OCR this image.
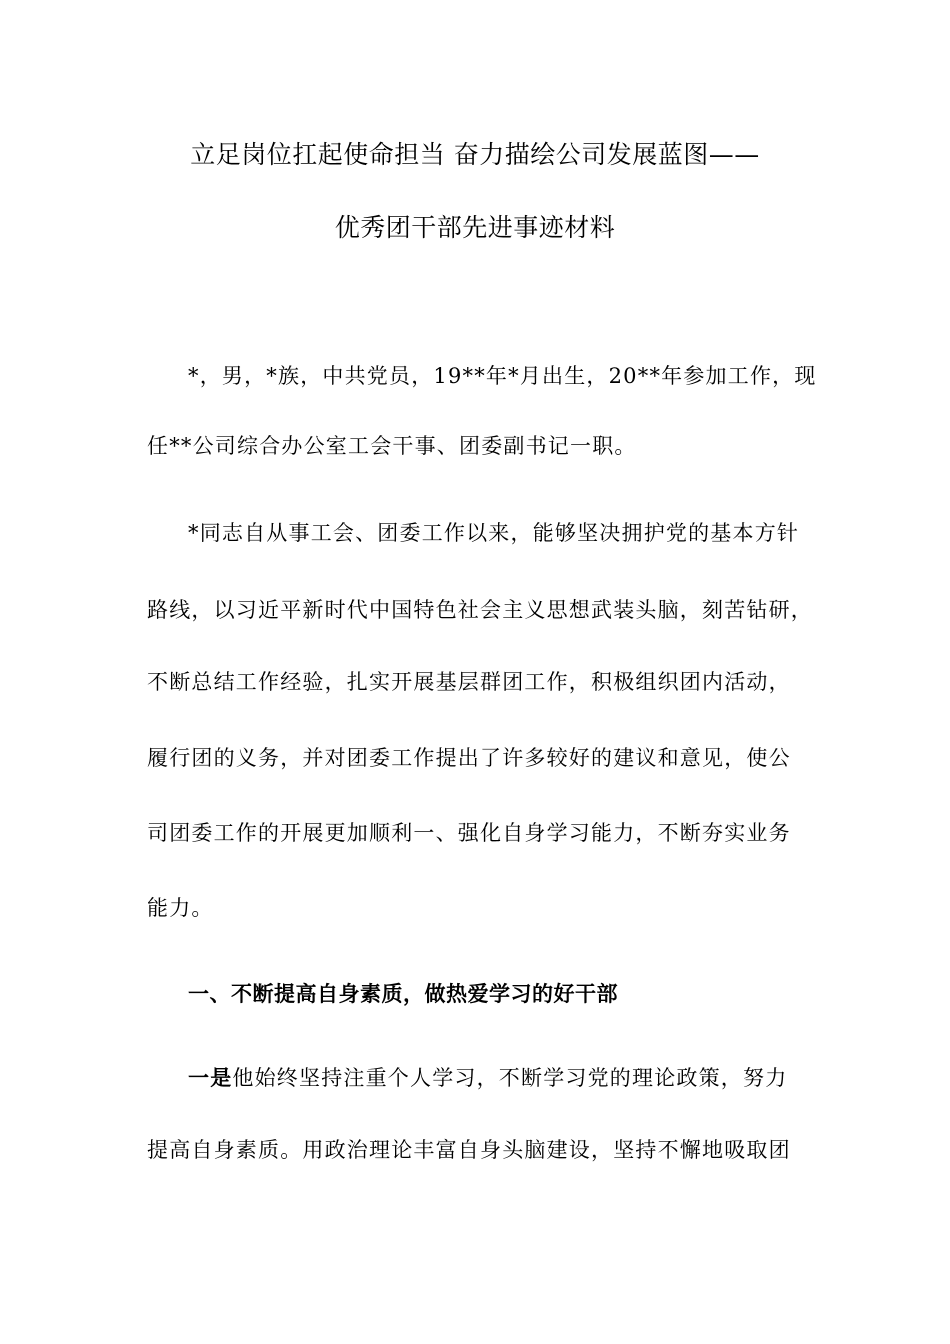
立足岗位扛起使命担当 奋力描绘公司发展蓝图——
优秀团干部先进事迹材料
*，男，*族，中共党员，19**年*月出生，20**年参加工作，现
任**公司综合办公室工会干事、团委副书记一职。
*同志自从事工会、团委工作以来，能够坚决拥护党的基本方针
路线，以习近平新时代中国特色社会主义思想武装头脑，刻苦钻研，
不断总结工作经验，扎实开展基层群团工作，积极组织团内活动，
履行团的义务，并对团委工作提出了许多较好的建议和意见，使公
司团委工作的开展更加顺利一、强化自身学习能力，不断夯实业务
能力。
一、不断提高自身素质，做热爱学习的好干部
一是他始终坚持注重个人学习，不断学习党的理论政策，努力
提高自身素质。用政治理论丰富自身头脑建设，坚持不懈地吸取团
